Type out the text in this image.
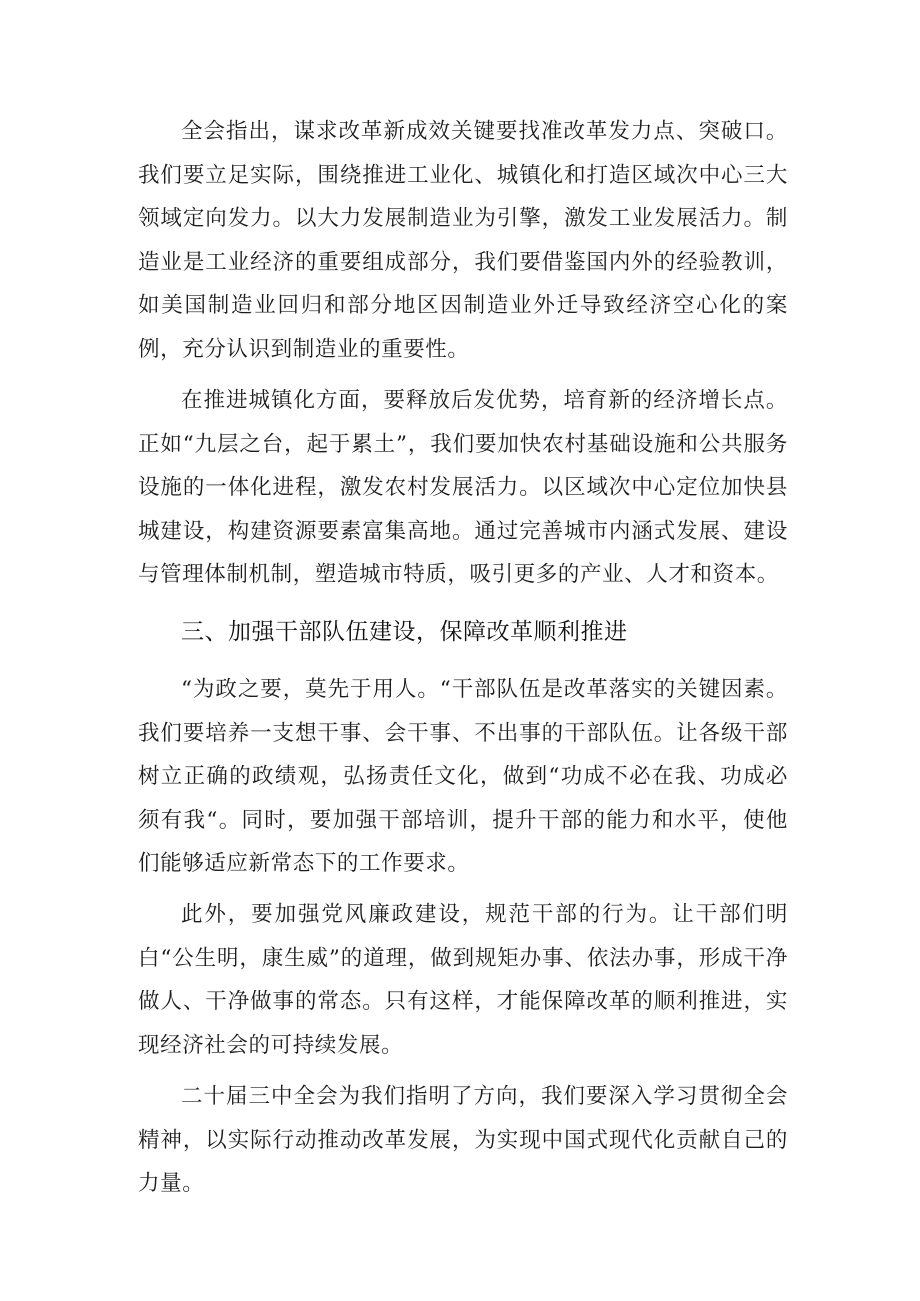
全会指出，谋求改革新成效关键要找准改革发力点、突破口。我们要立足实际，围绕推进工业化、城镇化和打造区域次中心三大领域定向发力。以大力发展制造业为引擎，激发工业发展活力。制造业是工业经济的重要组成部分，我们要借鉴国内外的经验教训，如美国制造业回归和部分地区因制造业外迁导致经济空心化的案例，充分认识到制造业的重要性。

在推进城镇化方面，要释放后发优势，培育新的经济增长点。正如“九层之台，起于累土”，我们要加快农村基础设施和公共服务设施的一体化进程，激发农村发展活力。以区域次中心定位加快县城建设，构建资源要素富集高地。通过完善城市内涵式发展、建设与管理体制机制，塑造城市特质，吸引更多的产业、人才和资本。

三、加强干部队伍建设，保障改革顺利推进

“为政之要，莫先于用人。“干部队伍是改革落实的关键因素。我们要培养一支想干事、会干事、不出事的干部队伍。让各级干部树立正确的政绩观，弘扬责任文化，做到“功成不必在我、功成必须有我“。同时，要加强干部培训，提升干部的能力和水平，使他们能够适应新常态下的工作要求。

此外，要加强党风廉政建设，规范干部的行为。让干部们明白“公生明，康生威”的道理，做到规矩办事、依法办事，形成干净做人、干净做事的常态。只有这样，才能保障改革的顺利推进，实现经济社会的可持续发展。

二十届三中全会为我们指明了方向，我们要深入学习贯彻全会精神，以实际行动推动改革发展，为实现中国式现代化贡献自己的力量。
